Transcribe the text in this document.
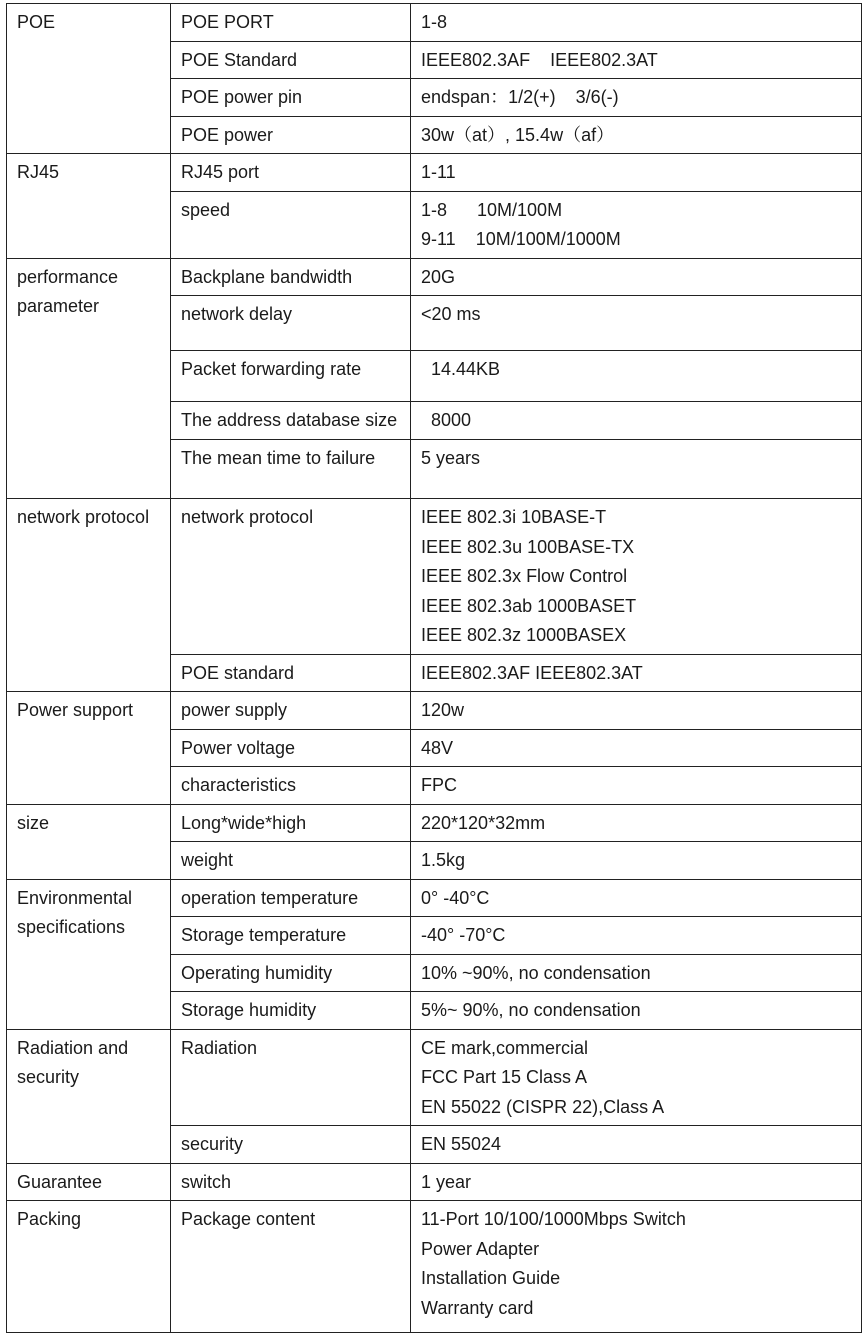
POE	POE PORT	1-8

	POE Standard	IEEE802.3AF    IEEE802.3AT

	POE power pin	endspan：1/2(+)    3/6(-)

	POE power	30w（at）, 15.4w（af）

RJ45	RJ45 port	1-11

	speed	1-8      10M/100M
9-11    10M/100M/1000M

performance parameter	Backplane bandwidth	20G

	network delay	<20 ms

	Packet forwarding rate	14.44KB

	The address database size	8000

	The mean time to failure	5 years

network protocol	network protocol	IEEE 802.3i 10BASE-T
IEEE 802.3u 100BASE-TX
IEEE 802.3x Flow Control
IEEE 802.3ab 1000BASET
IEEE 802.3z 1000BASEX

	POE standard	IEEE802.3AF IEEE802.3AT

Power support	power supply	120w

	Power voltage	48V

	characteristics	FPC

size	Long*wide*high	220*120*32mm

	weight	1.5kg

Environmental specifications	operation temperature	0° -40°C

	Storage temperature	-40° -70°C

	Operating humidity	10% ~90%, no condensation

	Storage humidity	5%~ 90%, no condensation

Radiation and security	Radiation	CE mark,commercial
FCC Part 15 Class A
EN 55022 (CISPR 22),Class A

	security	EN 55024

Guarantee	switch	1 year

Packing	Package content	11-Port 10/100/1000Mbps Switch
Power Adapter
Installation Guide
Warranty card
